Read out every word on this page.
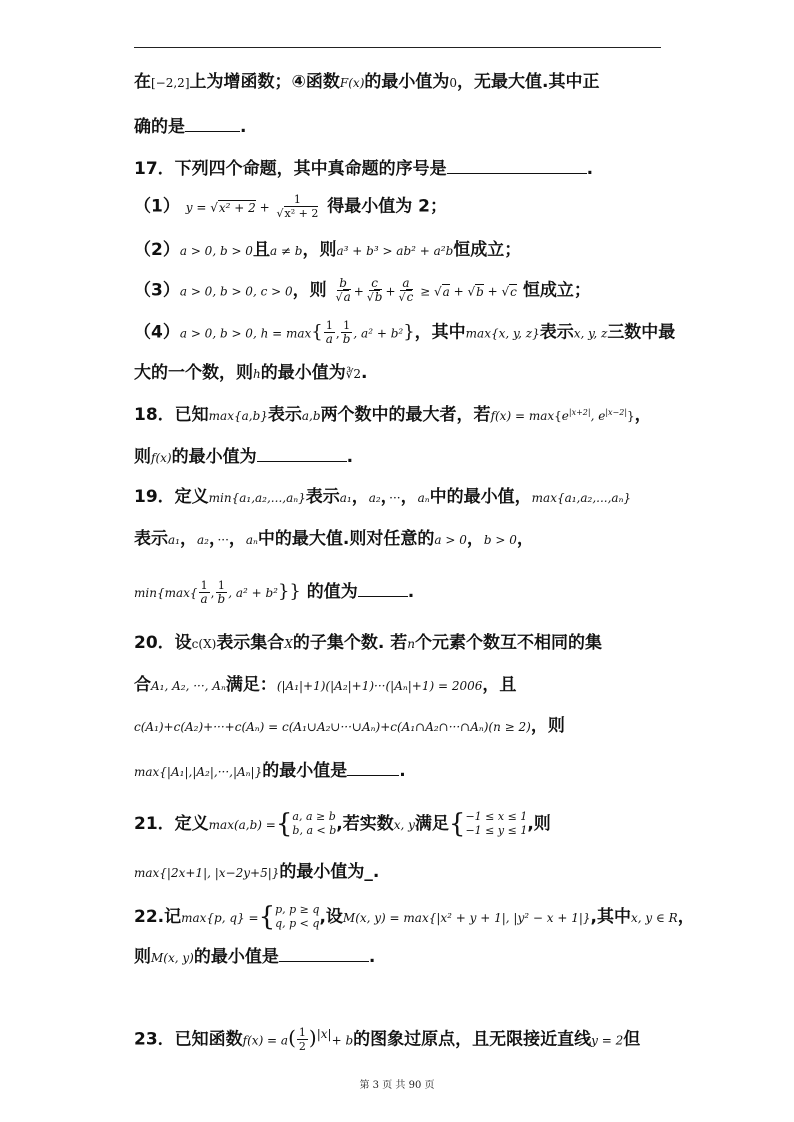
在[−2,2]上为增函数；④函数F(x)的最小值为0，无最大值.其中正
确的是	.
17．下列四个命题，其中真命题的序号是	.
（1） $y = √x^2 + 2 + \frac{1}{\text{√x² + 2}}$ 得最小值为 2；
（2）a > 0, b > 0且a ≠ b，则a³ + b³ > ab² + a²b恒成立；
（3）a > 0, b > 0, c > 0，则 $\frac{b}{√a} + \frac{c}{√b} + \frac{a}{√c} \ge √a + √b + √c$ 恒成立；
（4）a > 0, b > 0, $h = \max\{ \frac{1}{a}$ , $\frac{1}{b}$ , a² + b²}，其中max{x, y, z}表示x, y, z三数中最
大的一个数，则h的最小值为∛2.
18．已知max{a,b}表示a,b两个数中的最大者，若$f(x) = \max\{e^{|x+2|}$, $e^{|x-2|}$}，
则f(x)的最小值为	.
19．定义min{a₁,a₂,...,aₙ}表示a₁，a₂，···，aₙ中的最小值，max{a₁,a₂,...,aₙ}
表示a₁，a₂，···，aₙ中的最大值.则对任意的a > 0，b > 0，
$\min\{\max\{ \frac{1}{a}$ , $\frac{1}{b}$ , a² + b²}} 的值为	.
20．设c(X)表示集合X的子集个数. 若n个元素个数互不相同的集
合A₁, A₂, ···, Aₙ满足：(|A₁|+1)(|A₂|+1)···(|Aₙ|+1) = 2006，且
c(A₁)+c(A₂)+···+c(Aₙ) = c(A₁∪A₂∪···∪Aₙ)+c(A₁∩A₂∩···∩Aₙ)(n ≥ 2)，则
max{|A₁|,|A₂|,···,|Aₙ|}的最小值是	.
21．定义max(a,b) ={ a, a ≥ b
b, a < b ,若实数x, y满足{ −1 ≤ x ≤ 1
−1 ≤ y ≤ 1 ,则
max{|2x+1|, |x−2y+5|}的最小值为_.
22.记max{p, q} ={ p, p ≥ q
q, p < q ,设M(x, y) = max{|x² + y + 1|, |y² − x + 1|},其中x, y ∈ R，
则M(x, y)的最小值是	.
23．已知函数$f(x) = a( \frac{1}{2} )^{|x|}+ b$的图象过原点，且无限接近直线y = 2但
第 3 页 共 90 页
